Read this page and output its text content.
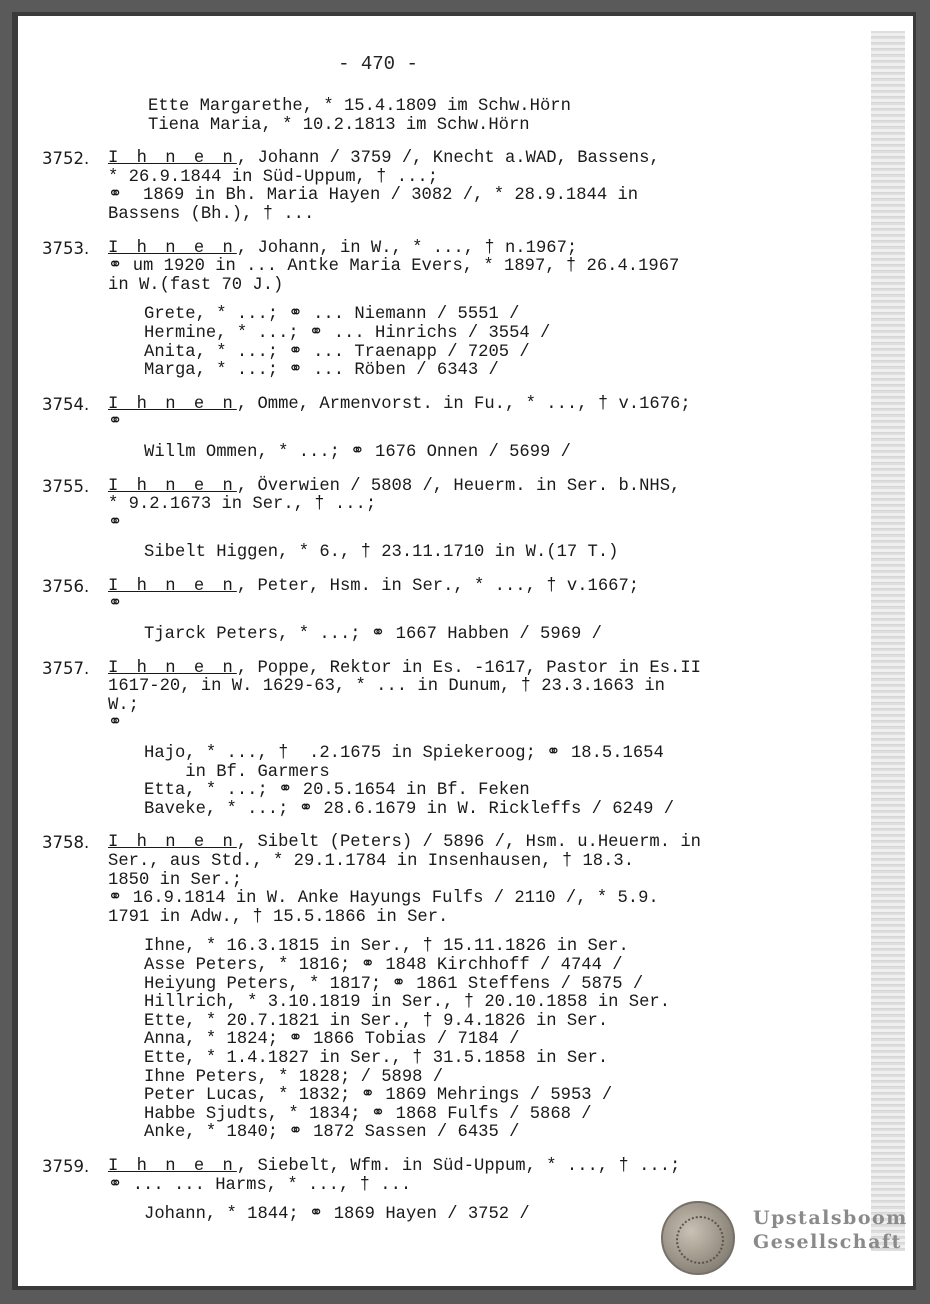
- 470 -
Ette Margarethe, * 15.4.1809 im Schw.Hörn
Tiena Maria, * 10.2.1813 im Schw.Hörn
3752. I h n e n, Johann / 3759 /, Knecht a.WAD, Bassens,
* 26.9.1844 in Süd-Uppum, † ...;
⚭  1869 in Bh. Maria Hayen / 3082 /, * 28.9.1844 in
Bassens (Bh.), † ...
3753. I h n e n, Johann, in W., * ..., † n.1967;
⚭ um 1920 in ... Antke Maria Evers, * 1897, † 26.4.1967
in W.(fast 70 J.)
Grete, * ...; ⚭ ... Niemann / 5551 /
Hermine, * ...; ⚭ ... Hinrichs / 3554 /
Anita, * ...; ⚭ ... Traenapp / 7205 /
Marga, * ...; ⚭ ... Röben / 6343 /
3754. I h n e n, Omme, Armenvorst. in Fu., * ..., † v.1676;
⚭
Willm Ommen, * ...; ⚭ 1676 Onnen / 5699 /
3755. I h n e n, Överwien / 5808 /, Heuerm. in Ser. b.NHS,
* 9.2.1673 in Ser., † ...;
⚭
Sibelt Higgen, * 6., † 23.11.1710 in W.(17 T.)
3756. I h n e n, Peter, Hsm. in Ser., * ..., † v.1667;
⚭
Tjarck Peters, * ...; ⚭ 1667 Habben / 5969 /
3757. I h n e n, Poppe, Rektor in Es. -1617, Pastor in Es.II
1617-20, in W. 1629-63, * ... in Dunum, † 23.3.1663 in
W.;
⚭
Hajo, * ..., †  .2.1675 in Spiekeroog; ⚭ 18.5.1654
in Bf. Garmers
Etta, * ...; ⚭ 20.5.1654 in Bf. Feken
Baveke, * ...; ⚭ 28.6.1679 in W. Rickleffs / 6249 /
3758. I h n e n, Sibelt (Peters) / 5896 /, Hsm. u.Heuerm. in
Ser., aus Std., * 29.1.1784 in Insenhausen, † 18.3.
1850 in Ser.;
⚭ 16.9.1814 in W. Anke Hayungs Fulfs / 2110 /, * 5.9.
1791 in Adw., † 15.5.1866 in Ser.
Ihne, * 16.3.1815 in Ser., † 15.11.1826 in Ser.
Asse Peters, * 1816; ⚭ 1848 Kirchhoff / 4744 /
Heiyung Peters, * 1817; ⚭ 1861 Steffens / 5875 /
Hillrich, * 3.10.1819 in Ser., † 20.10.1858 in Ser.
Ette, * 20.7.1821 in Ser., † 9.4.1826 in Ser.
Anna, * 1824; ⚭ 1866 Tobias / 7184 /
Ette, * 1.4.1827 in Ser., † 31.5.1858 in Ser.
Ihne Peters, * 1828; / 5898 /
Peter Lucas, * 1832; ⚭ 1869 Mehrings / 5953 /
Habbe Sjudts, * 1834; ⚭ 1868 Fulfs / 5868 /
Anke, * 1840; ⚭ 1872 Sassen / 6435 /
3759. I h n e n, Siebelt, Wfm. in Süd-Uppum, * ..., † ...;
⚭ ... ... Harms, * ..., † ...
Johann, * 1844; ⚭ 1869 Hayen / 3752 /	Upstalsboom
Gesellschaft
